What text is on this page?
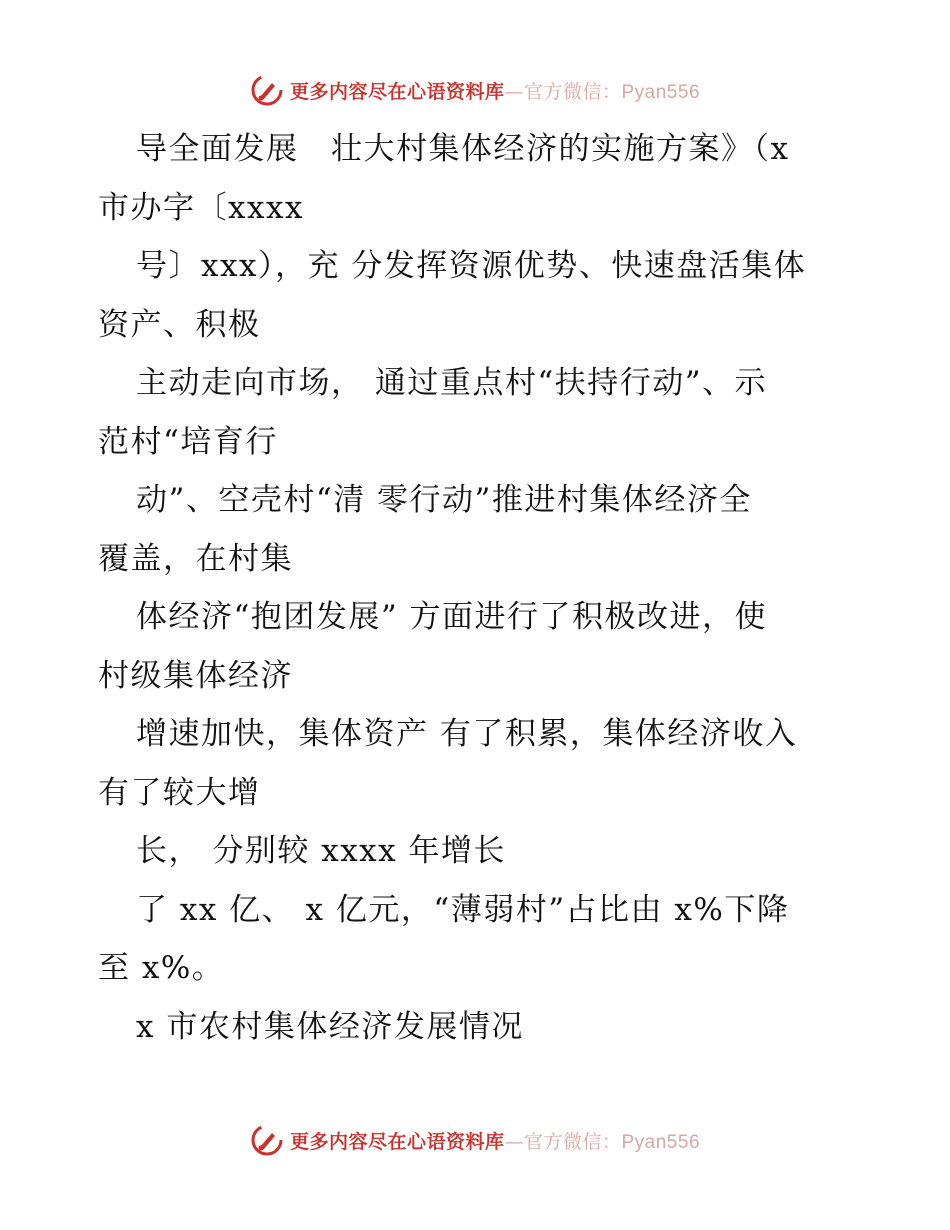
更多内容尽在心语资料库—官方微信：Pyan556
导全面发展　壮大村集体经济的实施方案》（x
市办字〔xxxx
号〕xxx），充 分发挥资源优势、快速盘活集体
资产、积极
主动走向市场， 通过重点村“扶持行动”、示
范村“培育行
动”、空壳村“清 零行动”推进村集体经济全
覆盖，在村集
体经济“抱团发展” 方面进行了积极改进，使
村级集体经济
增速加快，集体资产 有了积累，集体经济收入
有了较大增
长， 分别较 xxxx 年增长
了 xx 亿、 x 亿元，“薄弱村”占比由 x%下降
至 x%。
x 市农村集体经济发展情况
更多内容尽在心语资料库—官方微信：Pyan556
